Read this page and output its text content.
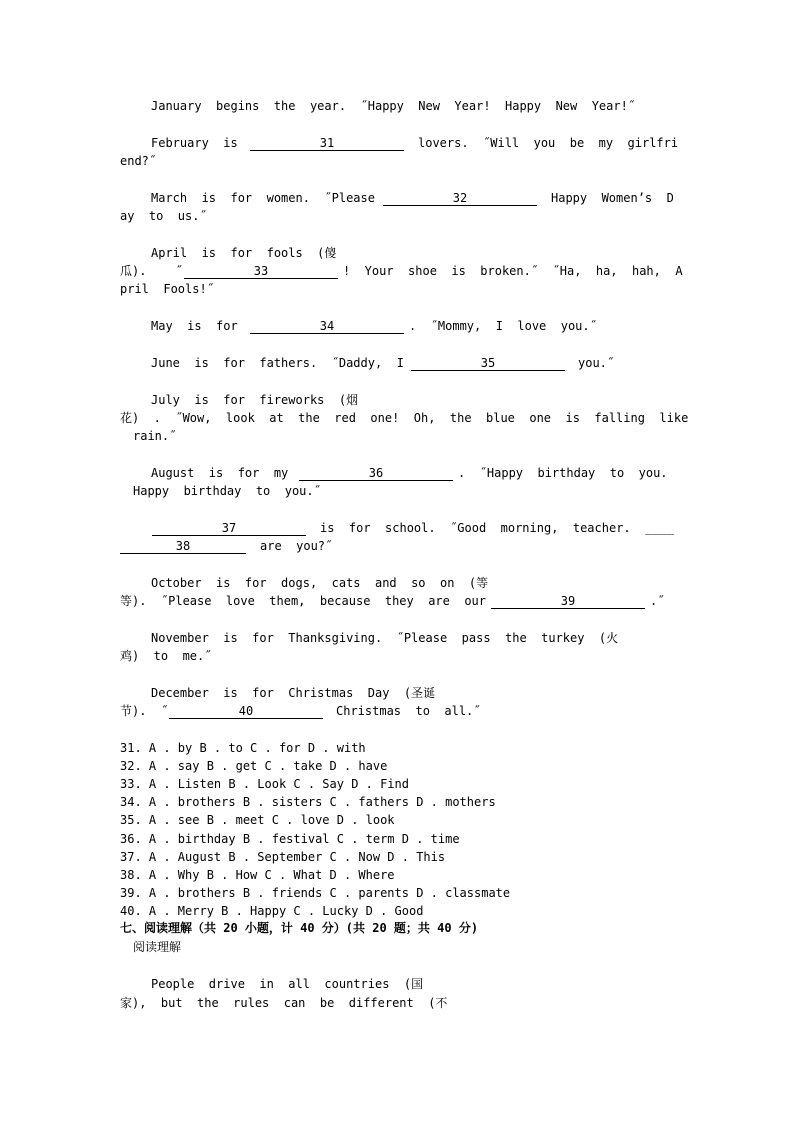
January  begins  the  year.  ˝Happy  New  Year!  Happy  New  Year!˝
February  is	31	lovers.  ˝Will  you  be  my  girlfri
end?˝
March  is  for  women.  ˝Please	32	Happy  Women’s  D
ay  to  us.˝
April  is  for  fools  (傻
瓜).    ˝	33	!  Your  shoe  is  broken.˝  ˝Ha,  ha,  hah,  A
pril  Fools!˝
May  is  for	34	.  ˝Mommy,  I  love  you.˝
June  is  for  fathers.  ˝Daddy,  I	35	you.˝
July  is  for  fireworks  (烟
花)  .  ˝Wow,  look  at  the  red  one!  Oh,  the  blue  one  is  falling  like
rain.˝
August  is  for  my	36	.  ˝Happy  birthday  to  you.
Happy  birthday  to  you.˝
37	is  for  school.  ˝Good  morning,  teacher.  ____
38	are  you?˝
October  is  for  dogs,  cats  and  so  on  (等
等).  ˝Please  love  them,  because  they  are  our	39	.˝
November  is  for  Thanksgiving.  ˝Please  pass  the  turkey  (火
鸡)  to  me.˝
December  is  for  Christmas  Day  (圣诞
节).  ˝	40	Christmas  to  all.˝
31. A . by B . to C . for D . with
32. A . say B . get C . take D . have
33. A . Listen B . Look C . Say D . Find
34. A . brothers B . sisters C . fathers D . mothers
35. A . see B . meet C . love D . look
36. A . birthday B . festival C . term D . time
37. A . August B . September C . Now D . This
38. A . Why B . How C . What D . Where
39. A . brothers B . friends C . parents D . classmate
40. A . Merry B . Happy C . Lucky D . Good
七、阅读理解（共 20 小题，计 40 分）(共 20 题；共 40 分)
阅读理解
People  drive  in  all  countries  (国
家),  but  the  rules  can  be  different  (不
